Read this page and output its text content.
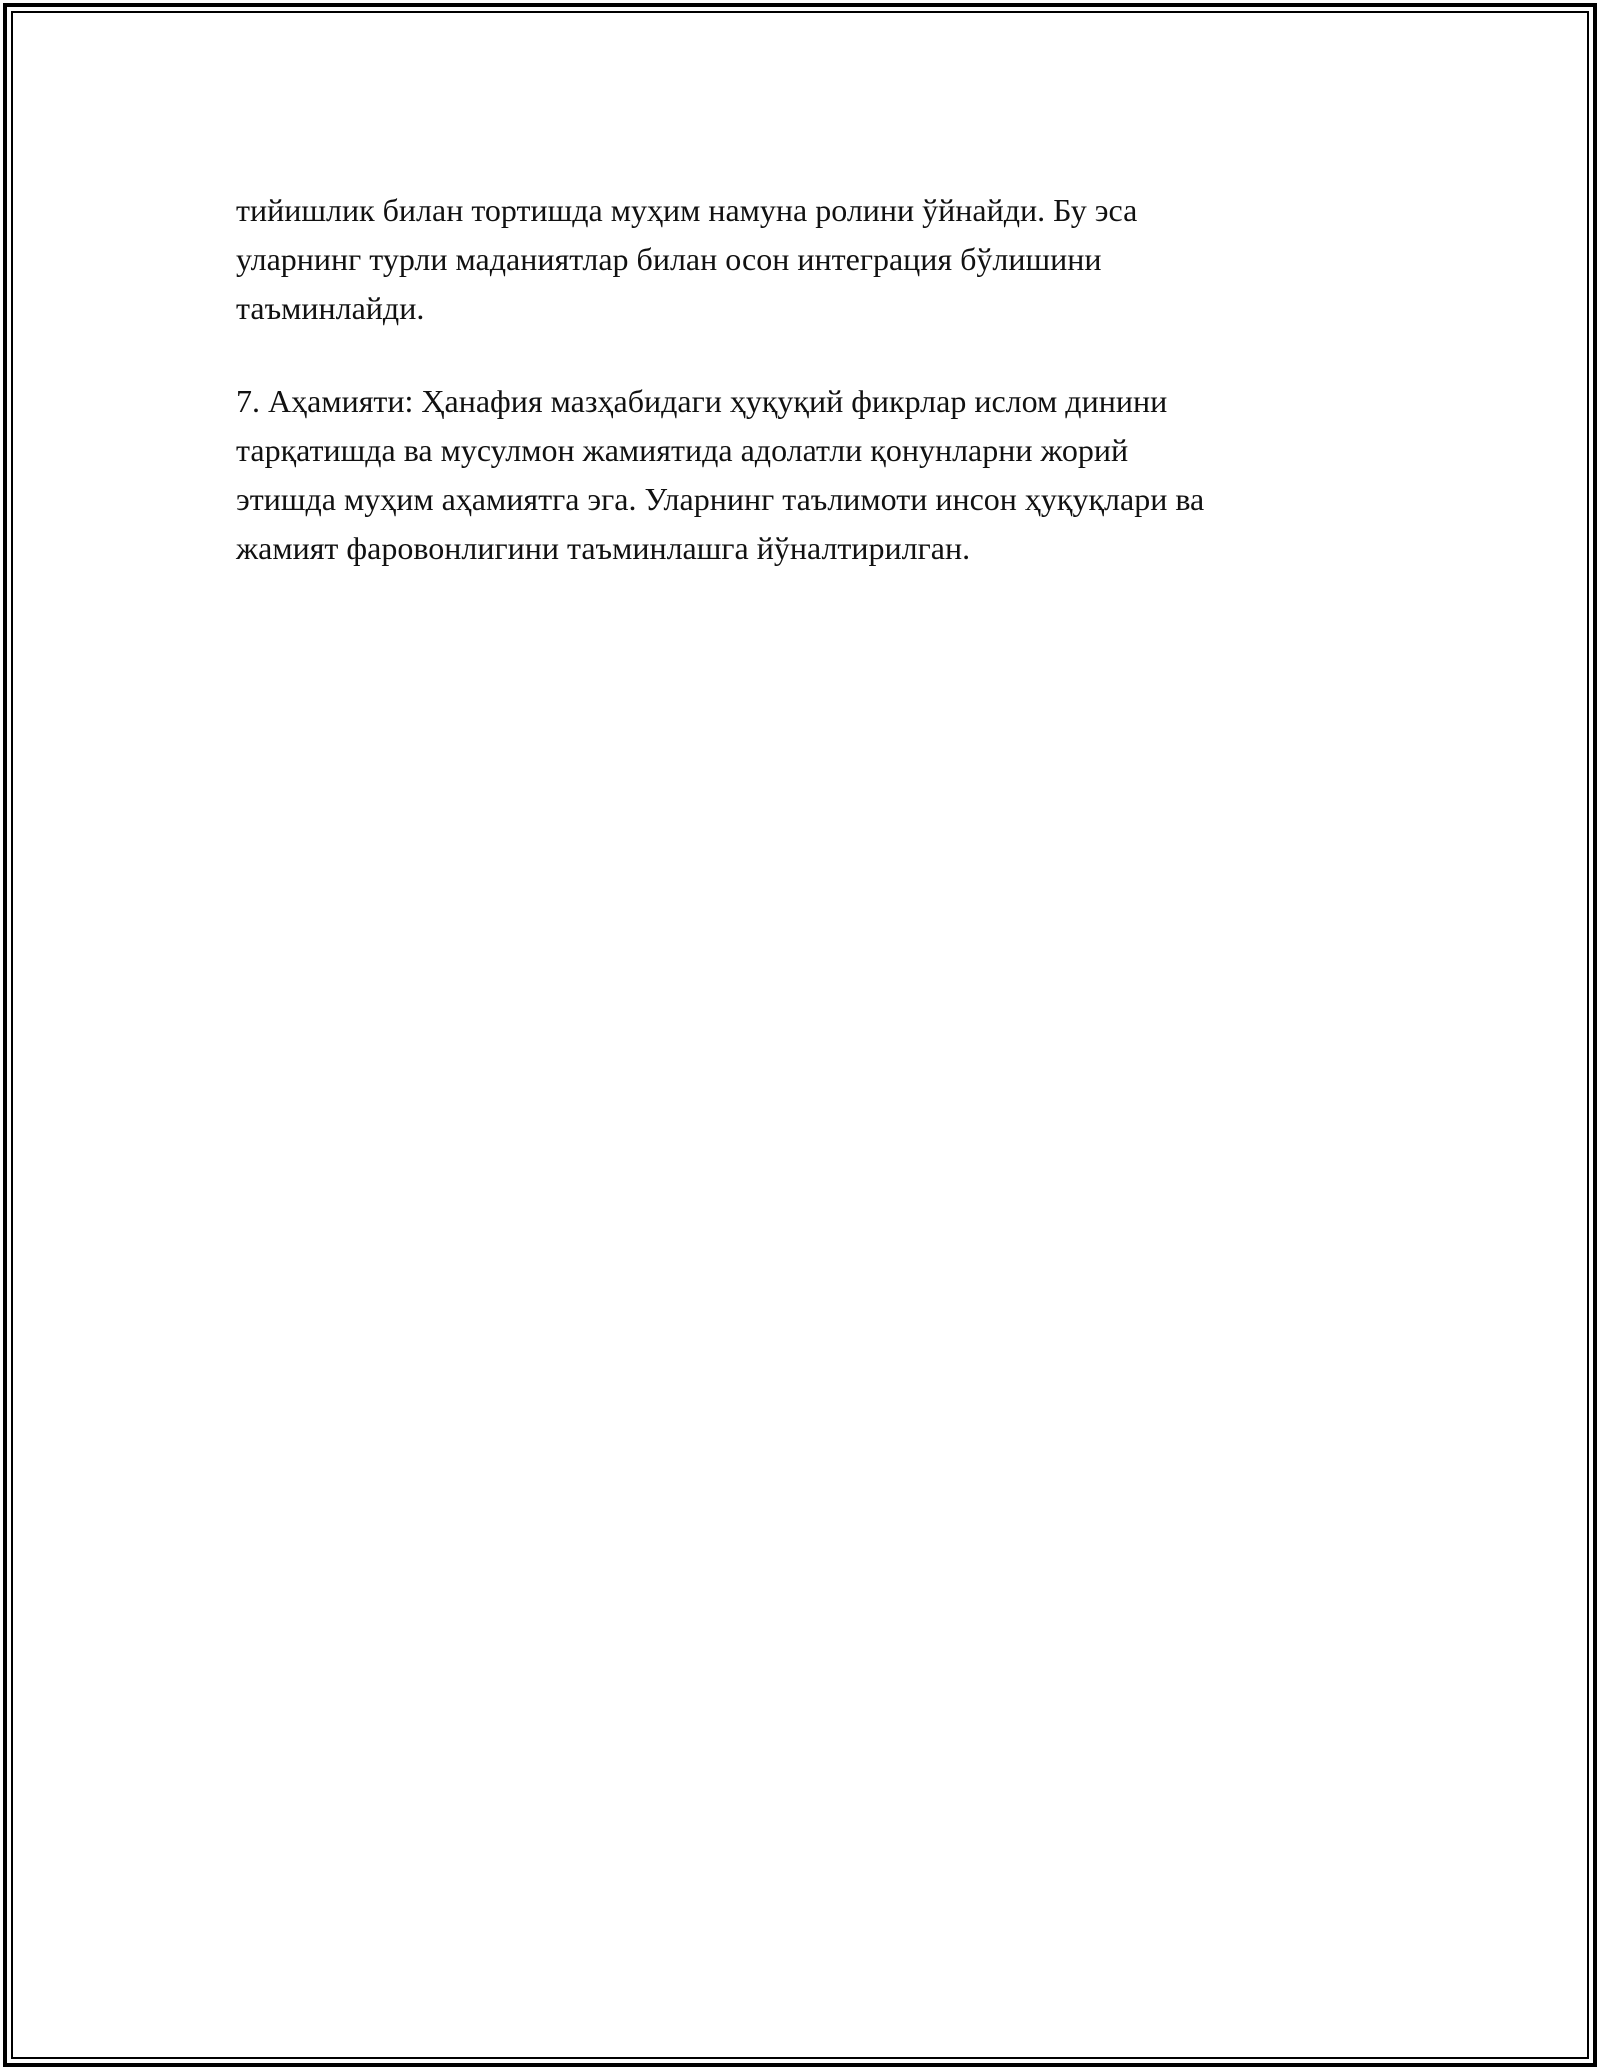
тийишлик билан тортишда муҳим намуна ролини ўйнайди. Бу эса
уларнинг турли маданиятлар билан осон интеграция бўлишини
таъминлайди.

7. Аҳамияти: Ҳанафия мазҳабидаги ҳуқуқий фикрлар ислом динини
тарқатишда ва мусулмон жамиятида адолатли қонунларни жорий
этишда муҳим аҳамиятга эга. Уларнинг таълимоти инсон ҳуқуқлари ва
жамият фаровонлигини таъминлашга йўналтирилган.
